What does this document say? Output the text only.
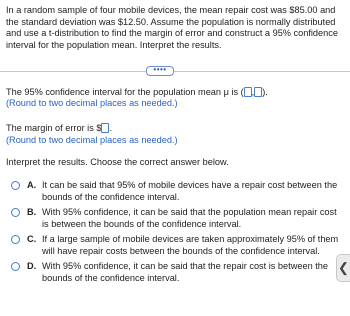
In a random sample of four mobile devices, the mean repair cost was $85.00 and the standard deviation was $12.50. Assume the population is normally distributed and use a t-distribution to find the margin of error and construct a 95% confidence interval for the population mean. Interpret the results.
••••
The 95% confidence interval for the population mean μ is ( , ).
(Round to two decimal places as needed.)
The margin of error is $ .
(Round to two decimal places as needed.)
Interpret the results. Choose the correct answer below.
A. It can be said that 95% of mobile devices have a repair cost between the bounds of the confidence interval.
B. With 95% confidence, it can be said that the population mean repair cost is between the bounds of the confidence interval.
C. If a large sample of mobile devices are taken approximately 95% of them will have repair costs between the bounds of the confidence interval.
D. With 95% confidence, it can be said that the repair cost is between the bounds of the confidence interval.
❮
